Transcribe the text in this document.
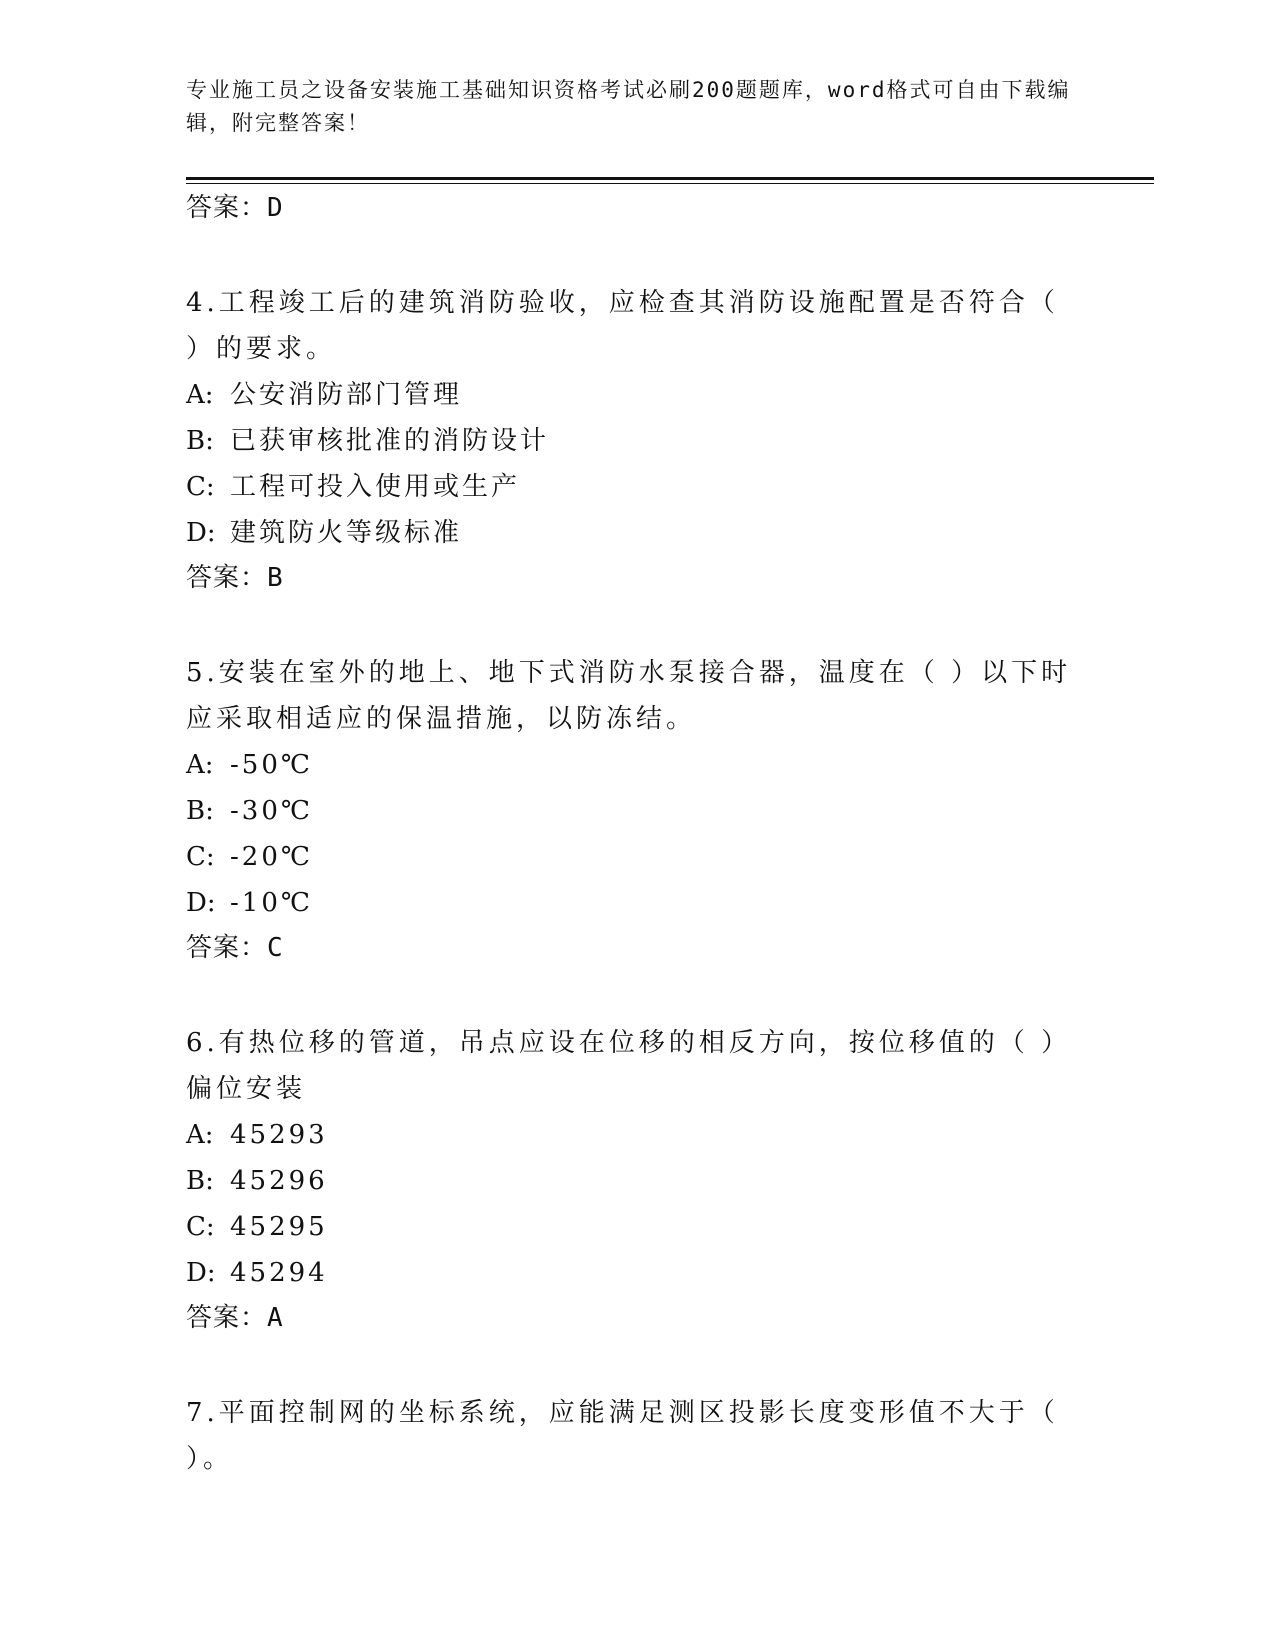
专业施工员之设备安装施工基础知识资格考试必刷200题题库，word格式可自由下载编辑，附完整答案！
答案：D
4.工程竣工后的建筑消防验收，应检查其消防设施配置是否符合（ ）的要求。
A: 公安消防部门管理
B: 已获审核批准的消防设计
C: 工程可投入使用或生产
D: 建筑防火等级标准
答案：B
5.安装在室外的地上、地下式消防水泵接合器，温度在（ ）以下时应采取相适应的保温措施，以防冻结。
A: -50℃
B: -30℃
C: -20℃
D: -10℃
答案：C
6.有热位移的管道，吊点应设在位移的相反方向，按位移值的（ ）偏位安装
A: 45293
B: 45296
C: 45295
D: 45294
答案：A
7.平面控制网的坐标系统，应能满足测区投影长度变形值不大于（ ）。
